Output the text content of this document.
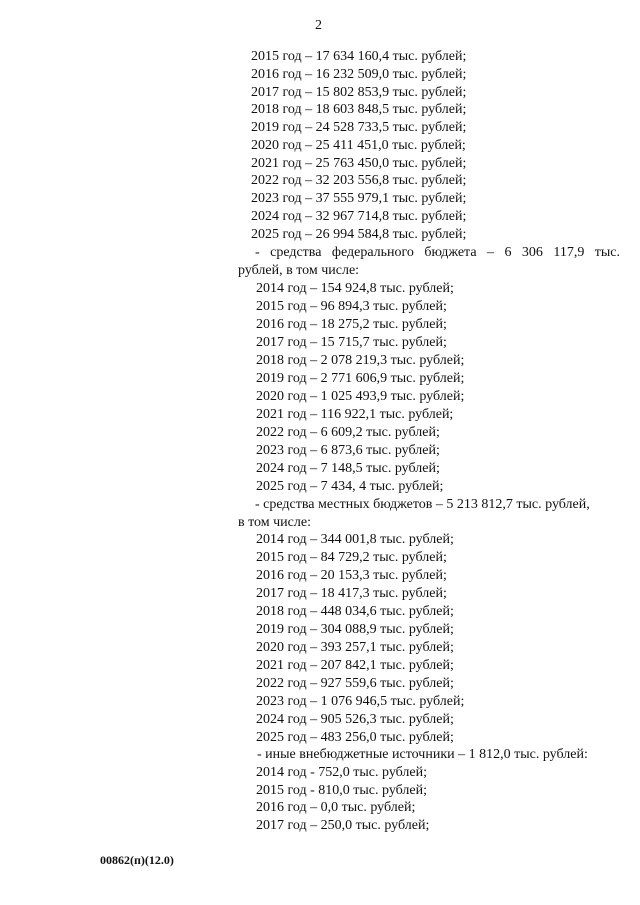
2
2015 год – 17 634 160,4 тыс. рублей;
2016 год – 16 232 509,0 тыс. рублей;
2017 год – 15 802 853,9 тыс. рублей;
2018 год – 18 603 848,5 тыс. рублей;
2019 год – 24 528 733,5 тыс. рублей;
2020 год – 25 411 451,0 тыс. рублей;
2021 год – 25 763 450,0 тыс. рублей;
2022 год – 32 203 556,8 тыс. рублей;
2023 год – 37 555 979,1 тыс. рублей;
2024 год – 32 967 714,8 тыс. рублей;
2025 год – 26 994 584,8 тыс. рублей;
- средства федерального бюджета – 6 306 117,9 тыс.
рублей, в том числе:
2014 год – 154 924,8 тыс. рублей;
2015 год – 96 894,3 тыс. рублей;
2016 год – 18 275,2 тыс. рублей;
2017 год – 15 715,7 тыс. рублей;
2018 год – 2 078 219,3 тыс. рублей;
2019 год – 2 771 606,9 тыс. рублей;
2020 год – 1 025 493,9 тыс. рублей;
2021 год – 116 922,1 тыс. рублей;
2022 год – 6 609,2 тыс. рублей;
2023 год – 6 873,6 тыс. рублей;
2024 год – 7 148,5 тыс. рублей;
2025 год – 7 434, 4 тыс. рублей;
- средства местных бюджетов – 5 213 812,7 тыс. рублей,
в том числе:
2014 год – 344 001,8 тыс. рублей;
2015 год – 84 729,2 тыс. рублей;
2016 год – 20 153,3 тыс. рублей;
2017 год – 18 417,3 тыс. рублей;
2018 год – 448 034,6 тыс. рублей;
2019 год – 304 088,9 тыс. рублей;
2020 год – 393 257,1 тыс. рублей;
2021 год – 207 842,1 тыс. рублей;
2022 год – 927 559,6 тыс. рублей;
2023 год – 1 076 946,5 тыс. рублей;
2024 год – 905 526,3 тыс. рублей;
2025 год – 483 256,0 тыс. рублей;
- иные внебюджетные источники – 1 812,0 тыс. рублей:
2014 год - 752,0 тыс. рублей;
2015 год - 810,0 тыс. рублей;
2016 год – 0,0 тыс. рублей;
2017 год – 250,0 тыс. рублей;
00862(п)(12.0)
